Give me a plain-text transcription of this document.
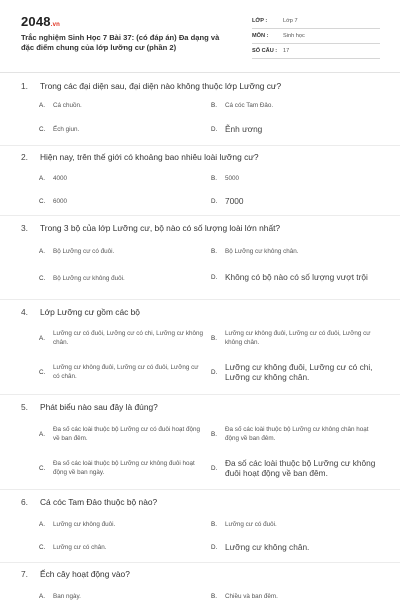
2048.vn
Trắc nghiệm Sinh Học 7 Bài 37: (có đáp án) Đa dạng và đặc điểm chung của lớp lưỡng cư (phần 2)
LỚP :	Lớp 7
MÔN :	Sinh học
SỐ CÂU :	17
1. Trong các đại diện sau, đại diện nào không thuộc lớp Lưỡng cư?
A.	Cá chuồn.	B.	Cá cóc Tam Đảo.
C.	Ếch giun.	D. Ễnh ương
2. Hiện nay, trên thế giới có khoảng bao nhiêu loài lưỡng cư?
A.	4000	B.	5000
C.	6000	D. 7000
3. Trong 3 bộ của lớp Lưỡng cư, bộ nào có số lượng loài lớn nhất?
A.	Bộ Lưỡng cư có đuôi.	B.	Bộ Lưỡng cư không chân.
C.	Bộ Lưỡng cư không đuôi.	D. Không có bộ nào có số lượng vượt trội
4. Lớp Lưỡng cư gồm các bộ
A.
Lưỡng cư có đuôi, Lưỡng cư có chi, Lưỡng cư không chân.
B.
Lưỡng cư không đuôi, Lưỡng cư có đuôi, Lưỡng cư không chân.
C.
Lưỡng cư không đuôi, Lưỡng cư có đuôi, Lưỡng cư có chân.
D.
Lưỡng cư không đuôi, Lưỡng cư có chi, Lưỡng cư không chân.
5. Phát biểu nào sau đây là đúng?
A.
Đa số các loài thuộc bộ Lưỡng cư có đuôi hoạt động về ban đêm.
B.
Đa số các loài thuộc bộ Lưỡng cư không chân hoạt động về ban đêm.
C.
Đa số các loài thuộc bộ Lưỡng cư không đuôi hoạt động về ban ngày.
D.
Đa số các loài thuộc bộ Lưỡng cư không đuôi hoạt động về ban đêm.
6. Cá cóc Tam Đảo thuộc bộ nào?
A.	Lưỡng cư không đuôi.	B.	Lưỡng cư có đuôi.
C.	Lưỡng cư có chân.	D. Lưỡng cư không chân.
7. Ếch cây hoạt động vào?
A.	Ban ngày.	B.	Chiều và ban đêm.
